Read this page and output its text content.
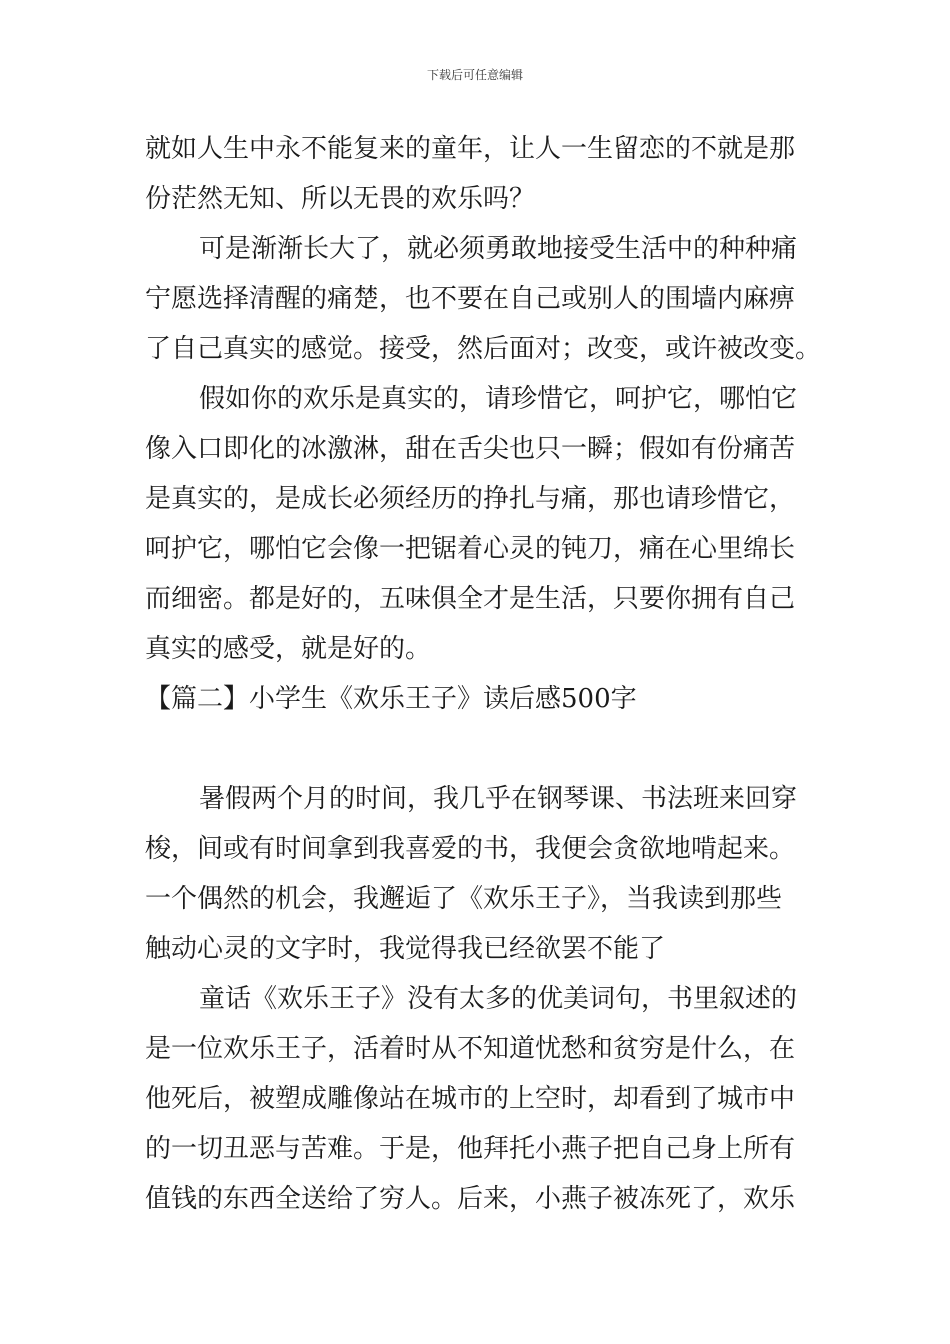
下载后可任意编辑
就如人生中永不能复来的童年，让人一生留恋的不就是那
份茫然无知、所以无畏的欢乐吗？
可是渐渐长大了，就必须勇敢地接受生活中的种种痛
宁愿选择清醒的痛楚，也不要在自己或别人的围墙内麻痹
了自己真实的感觉。接受，然后面对；改变，或许被改变。
假如你的欢乐是真实的，请珍惜它，呵护它，哪怕它
像入口即化的冰激淋，甜在舌尖也只一瞬；假如有份痛苦
是真实的，是成长必须经历的挣扎与痛，那也请珍惜它，
呵护它，哪怕它会像一把锯着心灵的钝刀，痛在心里绵长
而细密。都是好的，五味俱全才是生活，只要你拥有自己
真实的感受，就是好的。
【篇二】小学生《欢乐王子》读后感500字
暑假两个月的时间，我几乎在钢琴课、书法班来回穿
梭，间或有时间拿到我喜爱的书，我便会贪欲地啃起来。
一个偶然的机会，我邂逅了《欢乐王子》，当我读到那些
触动心灵的文字时，我觉得我已经欲罢不能了
童话《欢乐王子》没有太多的优美词句，书里叙述的
是一位欢乐王子，活着时从不知道忧愁和贫穷是什么，在
他死后，被塑成雕像站在城市的上空时，却看到了城市中
的一切丑恶与苦难。于是，他拜托小燕子把自己身上所有
值钱的东西全送给了穷人。后来，小燕子被冻死了，欢乐
